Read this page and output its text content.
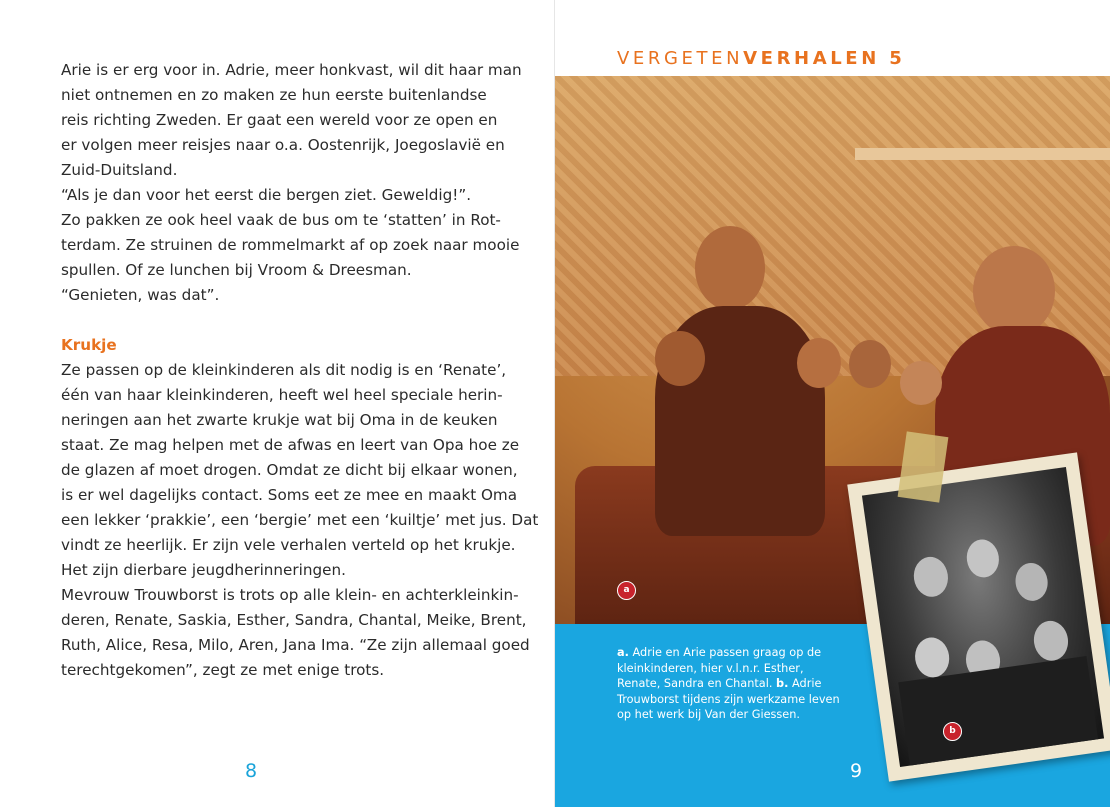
Arie is er erg voor in. Adrie, meer honkvast, wil dit haar man

niet ontnemen en zo maken ze hun eerste buitenlandse

reis richting Zweden. Er gaat een wereld voor ze open en

er volgen meer reisjes naar o.a. Oostenrijk, Joegoslavië en

Zuid-Duitsland.

“Als je dan voor het eerst die bergen ziet. Geweldig!”.

Zo pakken ze ook heel vaak de bus om te ‘statten’ in Rot-

terdam. Ze struinen de rommelmarkt af op zoek naar mooie

spullen. Of ze lunchen bij Vroom & Dreesman.

“Genieten, was dat”.

Krukje

Ze passen op de kleinkinderen als dit nodig is en ‘Renate’,

één van haar kleinkinderen, heeft wel heel speciale herin-

neringen aan het zwarte krukje wat bij Oma in de keuken

staat. Ze mag helpen met de afwas en leert van Opa hoe ze

de glazen af moet drogen. Omdat ze dicht bij elkaar wonen,

is er wel dagelijks contact. Soms eet ze mee en maakt Oma

een lekker ‘prakkie’, een ‘bergie’ met een ‘kuiltje’ met jus. Dat

vindt ze heerlijk. Er zijn vele verhalen verteld op het krukje.

Het zijn dierbare jeugdherinneringen.

Mevrouw Trouwborst is trots op alle klein- en achterkleinkin-

deren, Renate, Saskia, Esther, Sandra, Chantal, Meike, Brent,

Ruth, Alice, Resa, Milo, Aren, Jana Ima. “Ze zijn allemaal goed

terechtgekomen”, zegt ze met enige trots.

8
VERGETENVERHALEN 5
a
a. Adrie en Arie passen graag op de kleinkinderen, hier v.l.n.r. Esther, Renate, Sandra en Chantal. b. Adrie Trouwborst tijdens zijn werkzame leven op het werk bij Van der Giessen.
b
9
